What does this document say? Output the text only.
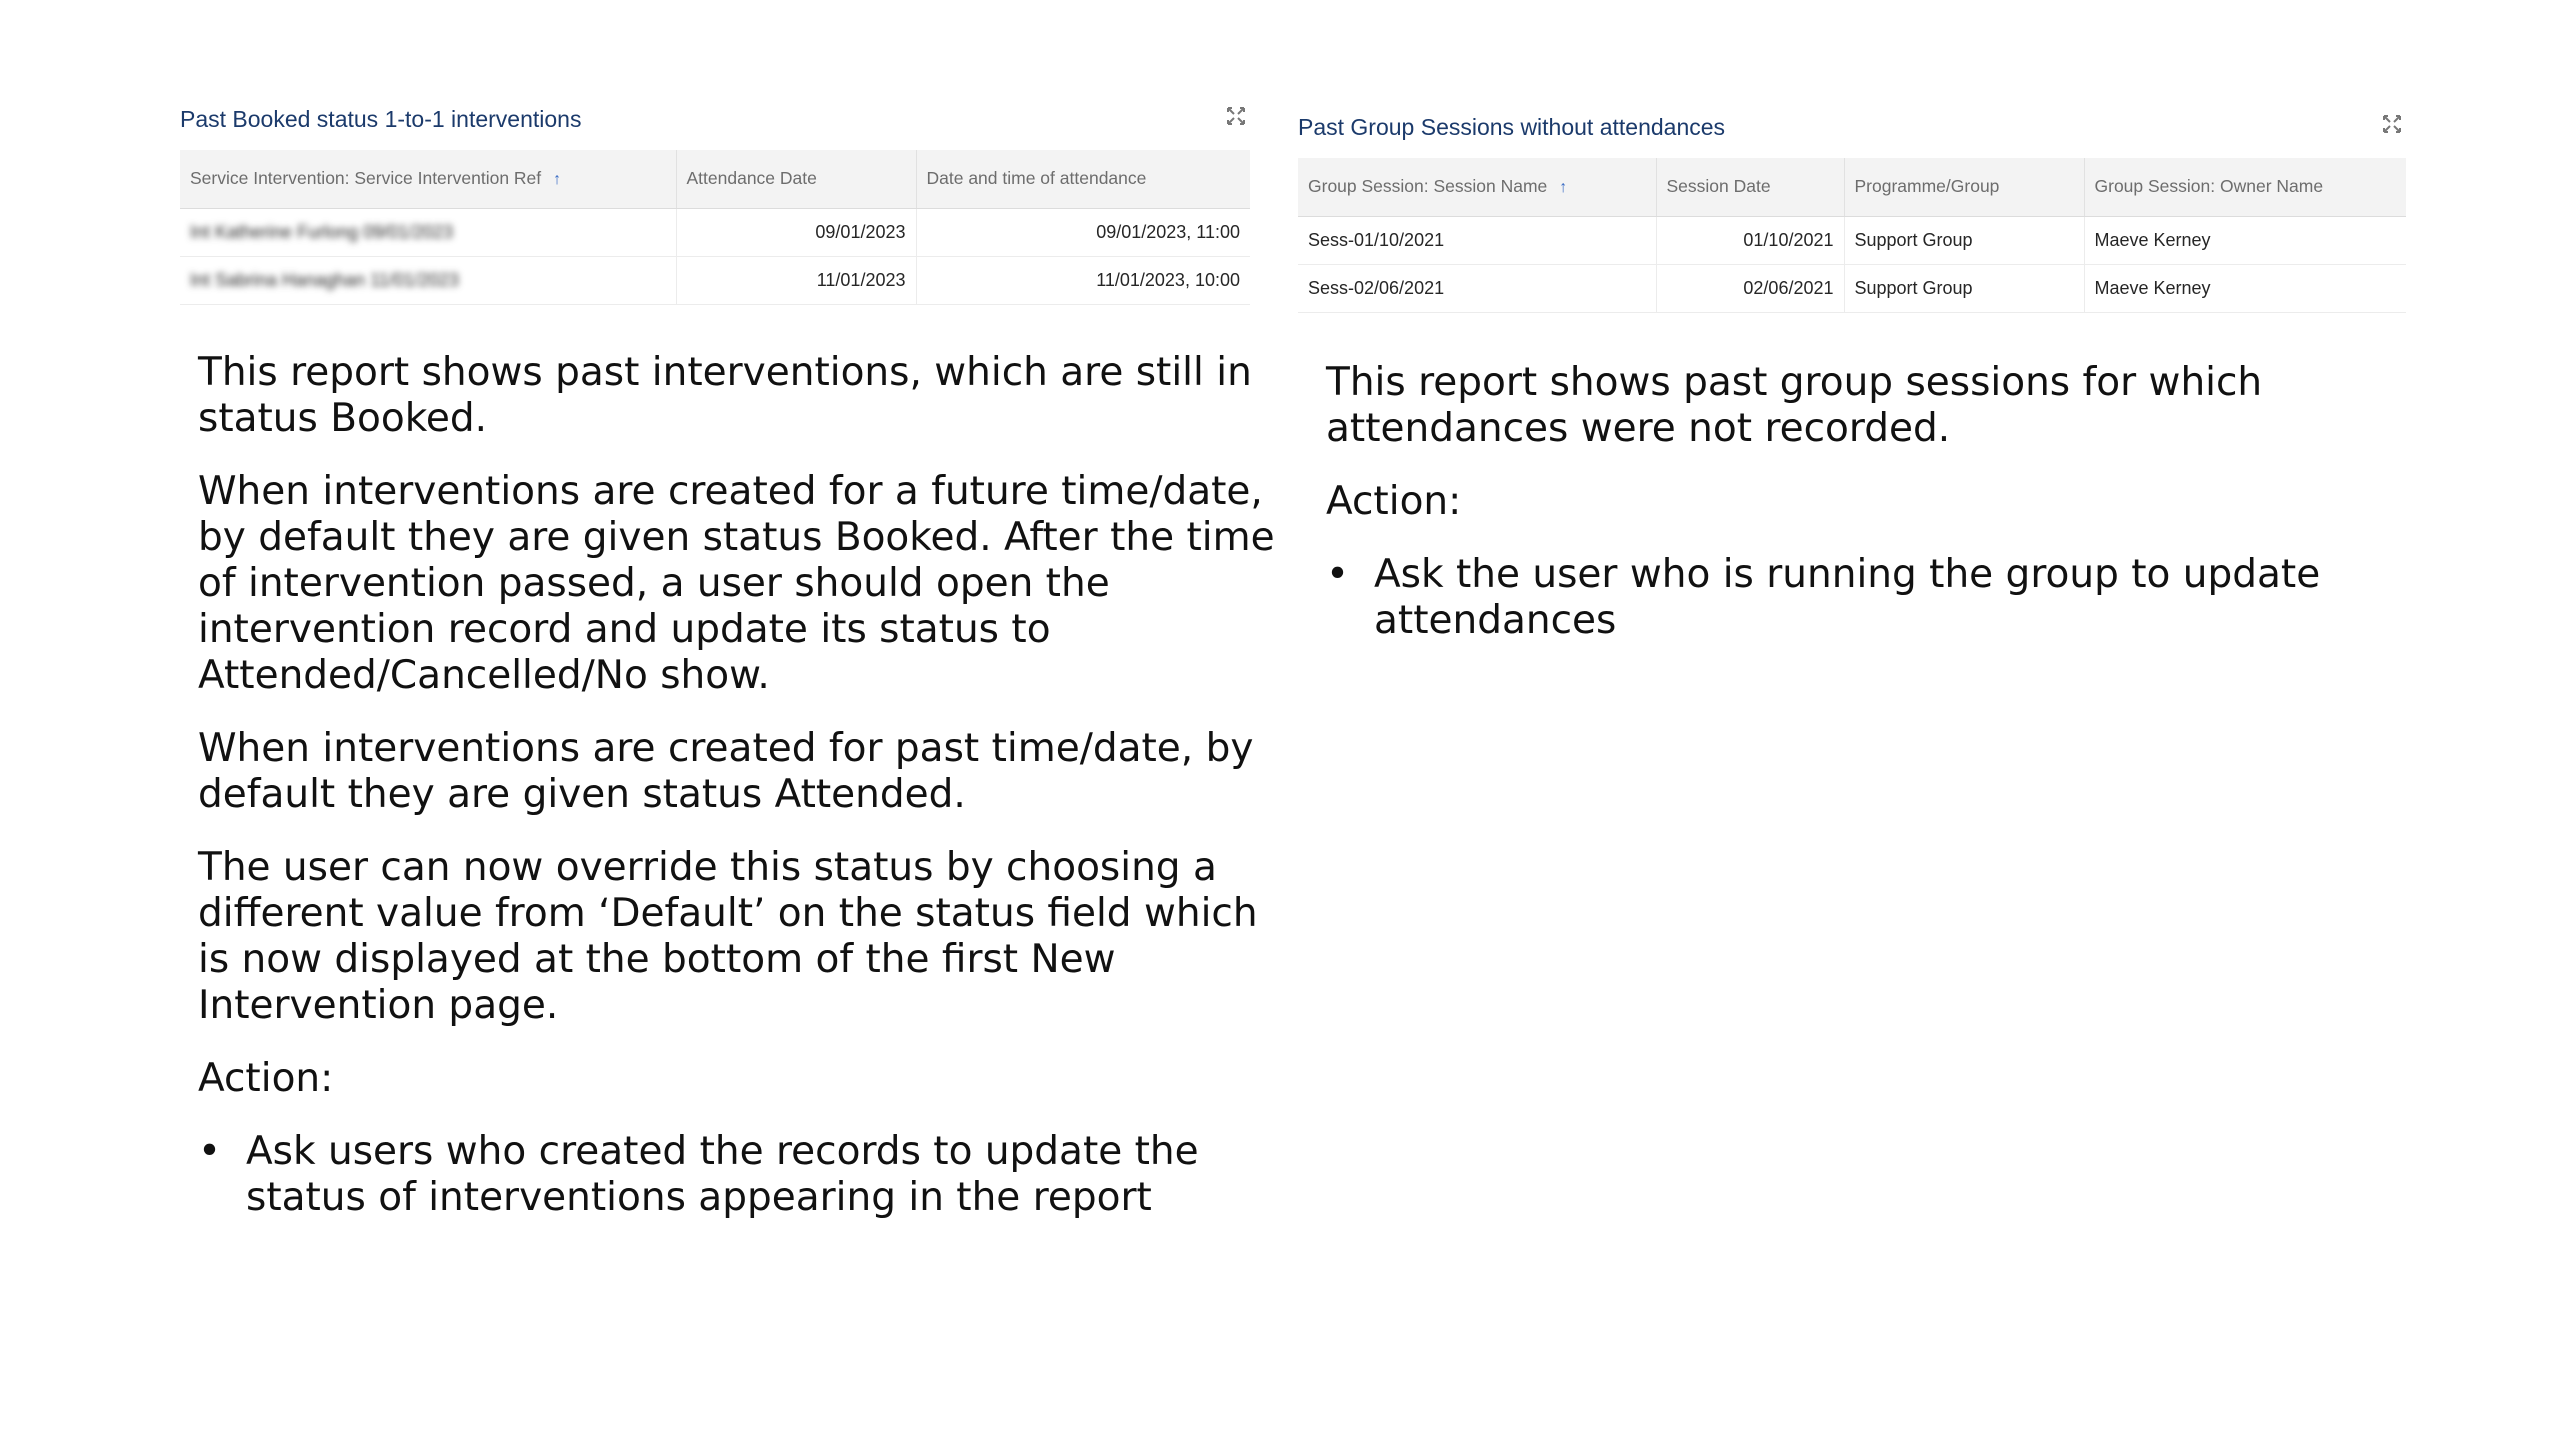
Past Booked status 1-to-1 interventions
Service Intervention: Service Intervention Ref ↑	Attendance Date	Date and time of attendance
Int Katherine Furlong 09/01/2023	09/01/2023	09/01/2023, 11:00
Int Sabrina Hanaghan 11/01/2023	11/01/2023	11/01/2023, 10:00
Past Group Sessions without attendances
Group Session: Session Name ↑	Session Date	Programme/Group	Group Session: Owner Name
Sess-01/10/2021	01/10/2021	Support Group	Maeve Kerney
Sess-02/06/2021	02/06/2021	Support Group	Maeve Kerney

This report shows past interventions, which are still in status Booked.

When interventions are created for a future time/date, by default they are given status Booked. After the time of intervention passed, a user should open the intervention record and update its status to Attended/Cancelled/No show.

When interventions are created for past time/date, by default they are given status Attended.

The user can now override this status by choosing a different value from ‘Default’ on the status field which is now displayed at the bottom of the first New Intervention page.

Action:

• Ask users who created the records to update the status of interventions appearing in the report

This report shows past group sessions for which attendances were not recorded.

Action:

• Ask the user who is running the group to update attendances
